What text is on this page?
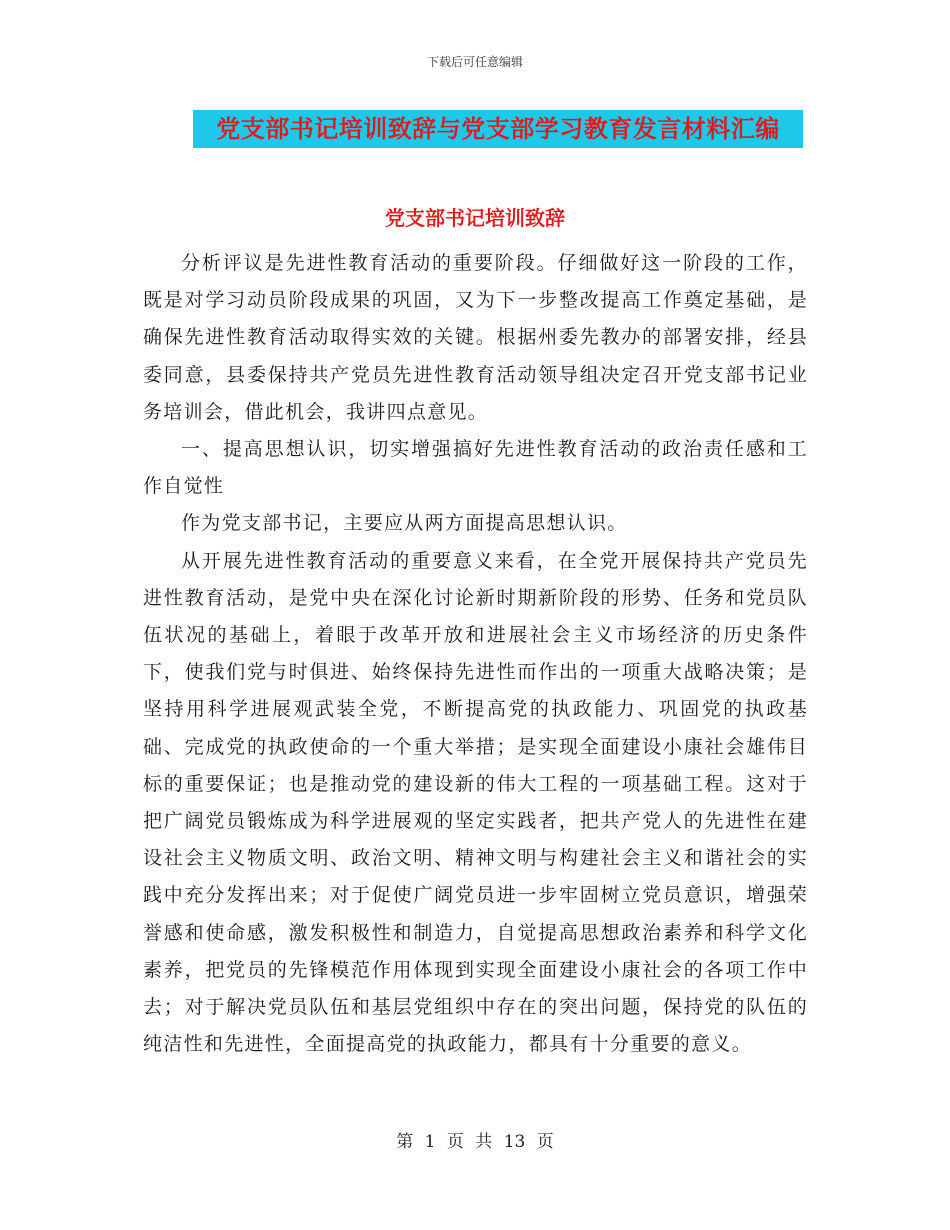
下载后可任意编辑
党支部书记培训致辞与党支部学习教育发言材料汇编
党支部书记培训致辞

分析评议是先进性教育活动的重要阶段。仔细做好这一阶段的工作，既是对学习动员阶段成果的巩固，又为下一步整改提高工作奠定基础，是确保先进性教育活动取得实效的关键。根据州委先教办的部署安排，经县委同意，县委保持共产党员先进性教育活动领导组决定召开党支部书记业务培训会，借此机会，我讲四点意见。

一、提高思想认识，切实增强搞好先进性教育活动的政治责任感和工作自觉性

作为党支部书记，主要应从两方面提高思想认识。

从开展先进性教育活动的重要意义来看，在全党开展保持共产党员先进性教育活动，是党中央在深化讨论新时期新阶段的形势、任务和党员队伍状况的基础上，着眼于改革开放和进展社会主义市场经济的历史条件下，使我们党与时俱进、始终保持先进性而作出的一项重大战略决策；是坚持用科学进展观武装全党，不断提高党的执政能力、巩固党的执政基础、完成党的执政使命的一个重大举措；是实现全面建设小康社会雄伟目标的重要保证；也是推动党的建设新的伟大工程的一项基础工程。这对于把广阔党员锻炼成为科学进展观的坚定实践者，把共产党人的先进性在建设社会主义物质文明、政治文明、精神文明与构建社会主义和谐社会的实践中充分发挥出来；对于促使广阔党员进一步牢固树立党员意识，增强荣誉感和使命感，激发积极性和制造力，自觉提高思想政治素养和科学文化素养，把党员的先锋模范作用体现到实现全面建设小康社会的各项工作中去；对于解决党员队伍和基层党组织中存在的突出问题，保持党的队伍的纯洁性和先进性，全面提高党的执政能力，都具有十分重要的意义。

第 1 页 共 13 页
